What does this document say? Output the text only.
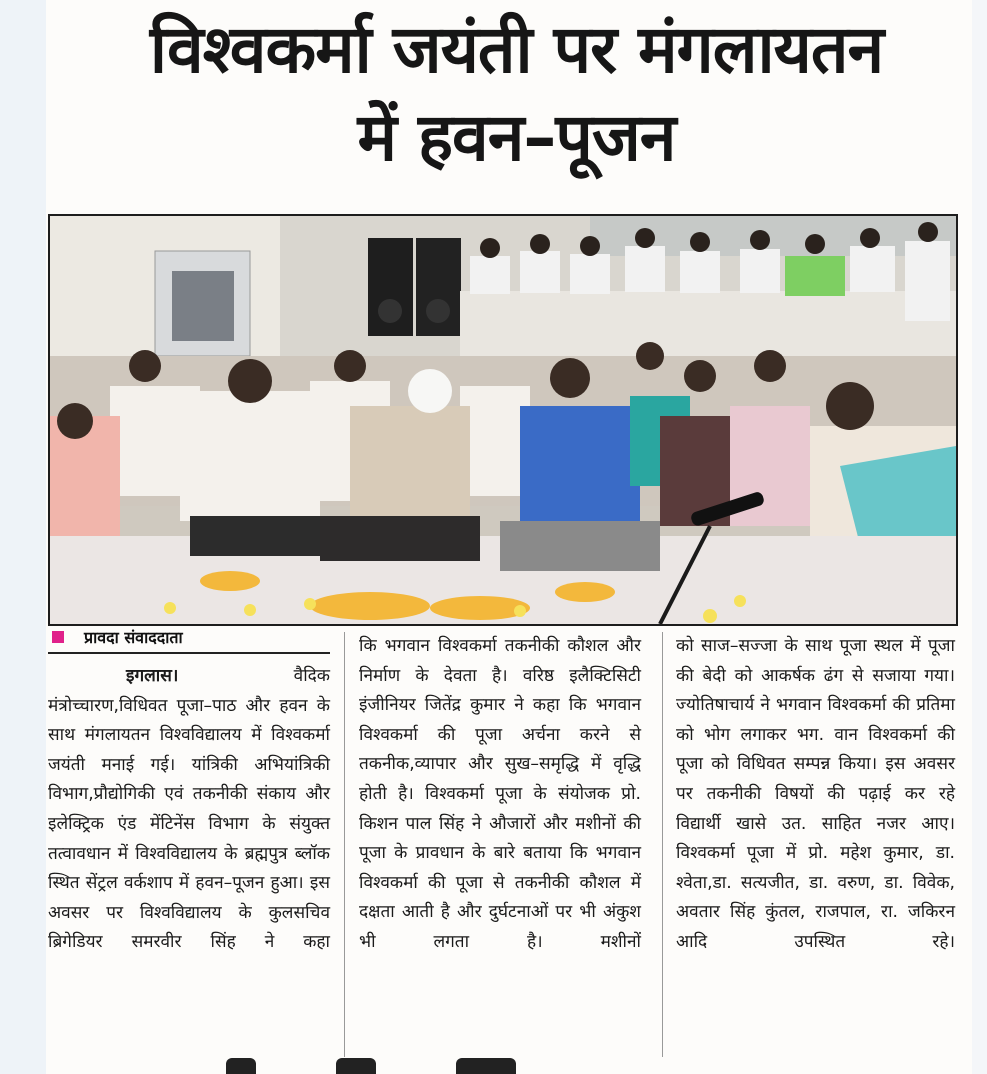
विश्वकर्मा जयंती पर मंगलायतन
में हवन–पूजन
प्रावदा संवाददाता
इगलास।	वैदिक मंत्रोच्चारण,विधिवत पूजा–पाठ और हवन के साथ मंगलायतन विश्वविद्यालय में विश्वकर्मा जयंती मनाई गई। यांत्रिकी अभियांत्रिकी विभाग,प्रौद्योगिकी एवं तकनीकी संकाय और इलेक्ट्रिक एंड मेंटिनेंस विभाग के संयुक्त तत्वावधान में विश्वविद्यालय के ब्रह्मपुत्र ब्लॉक स्थित सेंट्रल वर्कशाप में हवन–पूजन हुआ। इस अवसर पर विश्वविद्यालय के कुलसचिव ब्रिगेडियर समरवीर सिंह ने कहा
कि भगवान विश्वकर्मा तकनीकी कौशल और निर्माण के देवता है। वरिष्ठ इलैक्टिसिटी इंजीनियर जितेंद्र कुमार ने कहा कि भगवान विश्वकर्मा की पूजा अर्चना करने से तकनीक,व्यापार और सुख–समृद्धि में वृद्धि होती है। विश्वकर्मा पूजा के संयोजक प्रो. किशन पाल सिंह ने औजारों और मशीनों की पूजा के प्रावधान के बारे बताया कि भगवान विश्वकर्मा की पूजा से तकनीकी कौशल में दक्षता आती है और दुर्घटनाओं पर भी अंकुश भी लगता है। मशीनों
को साज–सज्जा के साथ पूजा स्थल में पूजा की बेदी को आकर्षक ढंग से सजाया गया। ज्योतिषाचार्य ने भगवान विश्वकर्मा की प्रतिमा को भोग लगाकर भग. वान विश्वकर्मा की पूजा को विधिवत सम्पन्न किया। इस अवसर पर तकनीकी विषयों की पढ़ाई कर रहे विद्यार्थी खासे उत. साहित नजर आए। विश्वकर्मा पूजा में प्रो. महेश कुमार, डा. श्वेता,डा. सत्यजीत, डा. वरुण, डा. विवेक, अवतार सिंह कुंतल, राजपाल, रा. जकिरन आदि उपस्थित रहे।
